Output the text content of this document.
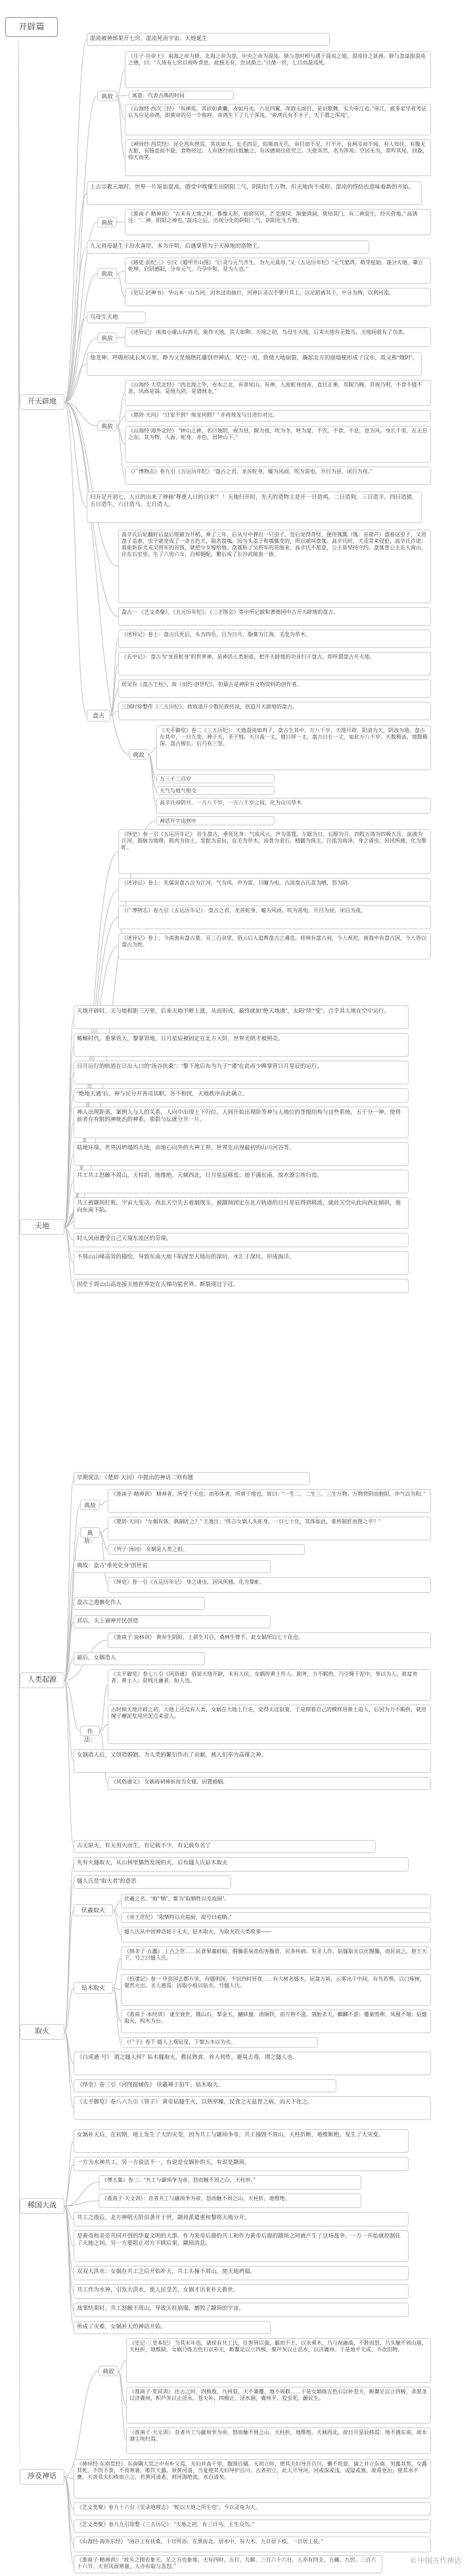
开辟篇
开天辟地
天地
人类起源
取火
稀国大战
涉及神话
混沌被神郎果开七窍，混沌死而宇宙、天地诞生
典故
《庄子·应帝王》 南海之帝为倏，北海之帝为忽，中央之帝为混沌。倏与忽时相与遇于混沌之地，混沌待之甚善。倏与忽谋报混沌之德，曰：“人皆有七窍以视听食息，此独无有，尝试凿之。”日凿一窍，七日而混沌死。
寓意：代表古典的时间
《山海经·西次三经》 “有神焉，其状如黄囊，赤如丹火，六足四翼，浑敦无面目，是识歌舞，实为帝江也。”帝江，被多家学者考证认为应是帝鸿，即黄帝的另一个称呼。帝鸿生下了儿子浑沌，“帝鸿氏有不才子，天下谓之浑沌”。
《神异经·西荒经》 昆仑西有兽焉，其状如犬，长毛四足，似熊而无爪，有目而不见，行不开，有两耳而不闻，有人知往，有腹无五脏，有肠直而不旋，食物径过。人有德行而往抵触之，有凶德则往依凭之。天使其然，名为浑沌。空居无为，常咋其尾，回旋，仰天而笑。
上古宗教天地时，世界一片原始混沌，感受中嗅懂生出阴阳二气，阴阳衍生万物，但天地尚不成形。混沌的终结也意味着新的开始。
典故
《淮南子·精神训》 “古未有天地之时，惟像无形，窈窈冥冥，芒芠漠闵，澒蒙鸿洞，莫知其门。有二神混生，经天营地。” 高诱注：“二神，阴阳之神也。”混沌之后，出现分化的阴阳二气，阴阳化生万物。
九元真母诞生于汾水南岸，本为开明，后遇掌管为于天掉地的造物主。
典故
《路史·前纪三》引汉《遁甲开山图》 “巨灵与元气齐生，为九元真母。”又《五运历年纪》“元气蒙鸿，萌芽兹始，遂分天地，肇立乾坤，启阴感阳，分布元气，乃孕中和，是为人也。”
《史记·封禅书》 华山本一山当河，河水过而曲行，河神巨灵以手擘开其上，以足蹈离其下，中分为两，以利河流。
鸟母生天地
典故
《述异记》 南海小虞山有鸿毛，能作天地，其大如卵。天地之初，鸟母生天地，后来天地有无数鸟，天地间就有了鸟类。
烛龙神，呼吸形成长风万里，睁为又是烛燃托庸创世神话，尾巴一甩，致使大地崩裂，撬起北方的崩塌便形成了汉水，故又称“烛阴”。
典故
《山海经·大荒北经》 “西北海之外，赤水之北，有章尾山。有神，人面蛇身而赤，直目正乘，其瞑乃晦，其视乃明，不食不寝不息，风雨是谒。是烛九阴，是谓烛龙。”
《楚辞·天问》 “日安不到？烛龙何照？” 并将烛龙与日进行对比。
《山海经·海外北经》 “钟山之神，名曰烛阴，视为昼，瞑为夜，吹为冬，呼为夏，不饮，不食，不息，息为风。身长千里，在无启之东。其为物，人面，蛇身，赤色，居钟山下。”
《广博物志》卷九引《五运历年纪》 “盘古之君，龙首蛇身，嘘为风雨，吹为雷电，开目为昼，闭目为夜。”
归开足开初七，人日的出来了神画“尊重人日的日来”！！天地归开时，先天的造物主是开一日造鸡，二日造狗，三日造羊，四日造猪，五日造牛，六日造马，七日造人。
盘古
高辛氏后妃翻好后盆后嗟破为开稻，乘了三年，后从开中弹出一只虫子，皇后觉得奇怪，便用瓠瓢（瓠：音葫芦）盛着这虫子，又用盘子盖着，虫子就变成了一条五色犬，取名盘瓠。因为头盖子和瓠瓢变的，所以就叫盘瓠。高辛氏时，犬戎常来侵犯，高辛氏许诺：谁能斩获犬戎吴将军的首级，就把少女嫁给他。盘瓠衔了吴将军的首级来，高辛氏不愿意，公主却坚持守约。盘瓠背公主走入南山，住在石室里，生了六男六女，自相婚配，繁衍成了长沙武陵蛮一族。
盘古一 《艺文类聚》、《五元历年纪》、《三才图会》等中所记载和著德国中古开天辟地的盘古。
《述异记》卷上：盘古氏死后，头为四岳，目为日月，脂膏为江海，毛发为草木。
《玄中记》：盘古为“龙首蛇身”的世界神，是神话人类始祖，把开天辟地的功业归于盘古，即所谓盘古开天地。
居吴有《盘古王柱》，故《旧约·创世纪》，但最古是神阶有文物资料的创作者。
三国时徐整作《三五历纪》，收收清开少数民族传说，创造开天辟地的盘古。
典故
《天平御览》卷二《三五历纪》：天地混沌如鸡子，盘古生其中。万八千岁，天地开辟，阳清为天，阴浊为地。盘古在其中，一日九变，神于天，圣于地。天日高一丈，地日厚一丈，盘古日长一丈，如此万八千岁。天数极高，地数极深，盘古极长。后乃有三皇。
万三千二百岁
天气与地气相交
高辛氏帝阴开，一万八千岁，一万八千岁之间，化为山川草木
神话开宇宙到中
《绎史》卷一引《五运历年记》 首生盘古，垂死化身：气成风云，声为雷霆，左眼为日，右眼为月，四肢五体为四极五岳，血液为江河，筋脉为地理，肌肉为田土，发髭为星辰，皮毛为草木，齿骨为金石，精髓为珠玉，汗流为雨泽，身之诸虫，因风所感，化为黎甿。
《述异记》卷上：先儒说盘古泣为江河，气为风，声为雷，目瞳为电，古说盘古氏喜为晴，怒为阴。
《广博物志》卷九引《五运历年记》：盘古之君，龙首蛇身，嘘为风雨，吹为雷电，开目为昼，闭目为夜。
《述异记》卷上：今南海有盘古墓，亘三百余里，俗云后人追葬盘古之魂也。桂林有盘古祠，今人祝祀。南海中有盘古国，今人皆以盘古为姓。
天地开辟时，天与地相距三万里，后来天地不断上涨，从而形成，最终就如“绝天地通”，太阳“绕”“变”，合乎其大地在空中运行。
鲧鲧时代，重掌管天，黎掌管地，日月星辰被固定在北方天阶，世界光明才被照亮。
日月运行的轨道在日出入口的“汤谷扶桑”：“黎下地后布为九子”“谨”在此而少皞掌管日月星辰的运行。
“绝地天通”后，神与民分开各司其职，各不相扰，天地秩序由此确立。
神人出现距离，案例人与人的关系，人向中出现上下归位，人间开始出现阶等神与人地位的等级结构与这些系统，五于分一神，使得前者在有限的神统治的神系，那影与坛就分开一片。
陆地环境，世界因坍塌的大地，由地心向外的大神王界，世界先出现最初的山川河谷等。
共工共工怒触不周山，天柱折，地维绝，天倾西北，日月星辰移焉；地不满东南，故水潦尘埃归焉。
共工被颛顼打败，宇宙大变动，西北天空失去着制规支，被颛顼固定在北方轨道的日月星辰得到移流，就此天空从此向西北倾斜，地向东南下陷。
时人风雨遭受自己天境东流区的旁境。
不周山山峰高耸的描绘，导致东南大地下陷深至天地出的深坑，水汇于深坑，形成海洋。
因至于周山山高连接天地世界处在天梯功能世界，断裂现过于过。
早期说法：《楚辞·天问》中提出的神话二则有题
典故
《淮南子·精神训》 精神者，所受于天也；而形体者，所禀于地也。故曰：“一生二，二生三，三生万物。万物背阴而抱阳，冲气以为和。”
典故：
《楚辞·天问》 “女娲有体，孰制匠之？” 王逸注：“传言女娲人头蛇身，一日七十化，其体如此，谁所制匠而图之乎？”
《列子·汤问》 女娲是人类之祖。
典故：盘古“垂死化身”创世说
《绎史》卷一引《五运历年记》 身之诸虫，因风所感，化为黎甿。
盘古之遗骸化作人
其后，天上谪神开民创造
《淮南子·说林训》 黄帝生阴阳，上骈生耳目，桑林生臂手，此女娲所以七十化也。
最后，女娲造人
《太平御览》卷七八引《风俗通》 俗说天地开辟，未有人民，女娲抟黄土作人。剧务，力不暇供，乃引绳于泥中，举以为人。故富贵者，黄土人；贫贱凡庸者，絙人也。
作法：
古时候天地开辟之初，大地上还没有人类，女娲在大地上行走，觉得太过寂寞，于是照着自己的模样用黄土造人，后因为力不暇供，就用绳子蘸泥浆甩出泥点来造人。
女娲造人后，又创造婚姻，为人类的繁衍作出了贡献，被人们奉为高禖之神。
《风俗通义》 女娲祷祠神祈而为女媒，因置婚姻。
古无原火，有无用火而生，有记载不少，有记载有名了
先有火燧取火，从山林里偶然发现的火，后有燧人氏钻木取火
燧人氏是“取火者”的意思
伏羲取火
伏羲之名，“炮”“牺”，都为“取牺牲以充庖厨”。
《帝王世纪》 “取牺牲以充庖厨，故号曰庖牺。”
钻木取火
燧人氏从中国神话始于无火，钻木取火，为取火的人类故事——
《韩非子·五蠹》 上古之世……民食果蓏蚌蛤，腥臊恶臭而伤害腹胃，民多疾病。有圣人作，钻燧取火以化腥臊，而民说之，使王天下，号之曰燧人氏。
《拾遗记》卷一 申弥国去都万里，有燧明国，不识四时昼夜……有大树名燧木，屈盘万顷，云雾出于中间。有鸟若鸮，以口啄树，粲然火出。圣人感焉，因取小枝以钻火，号燧人氏。
《淮南子·本经训》 逮至衰世，镌山石，挈金玉，擿蚌蜃，消铜铁，而万物不滋。刳胎杀夭，麒麟不游；覆巢毁卵，凤凰不翔；钻燧取火，构木为台。
《尸子》卷下 燧人上观辰星，下察五木以为火。
《白虎通·号》 谓之燧人何？钻木燧取火，教民熟食，养人利性，避臭去毒，谓之燧人也。
《绎史》卷三引《河图挺辅佐》 伏羲禅于伯牛，钻木取火。
《太平御览》卷八六九引《管子》 黄帝钻燧生火，以熟荤臊，民食之无兹胃之病，而天下化之。
女娲补天后，在初期，地上发生了大的灾变，因为共工与颛顼争帝，共工撞毁不周山，天柱折断，地维断绝，发生了大灾变。
一方为水神共工，另一方说法不一，有说是女娲补的天，有说是颛顼。
《博玉集》卷三：“共工与颛顼争为帝，怒而触不周之山，天柱折。”
《淮南子·天文训》：昔者共工与颛顼争为帝，怒而触不周之山，天柱折，地维绝。
共工之战后，北方神明天阶沿袭开于世，颛顼派遣重和黎将天地分开。
是黄帝和炎帝共同开创的华夏文明的大事，作为炎帝后裔的共工和作为黄帝后裔的颛顼之间就产生了这场战争，一方一开始就控制住了天地之间，另一方要阻止对方不顾后果，颛顼消息。
双双大洪水：女娲在共工之后开始补天，共工头撞不周山，使天地坍塌。
共工作为水神，引发大洪水，使人民受苦，女娲才出来补天救世。
战事结果时，共工怒触不周山，导致天柱崩塌，撼毁了颛顼的宇宙。
所成了灾难，女娲补天的神话开始。
典故
《史记·三皇本纪》 当其末年也，诸侯有共工氏，任智刑以强，霸而不王，以水乘木，乃与祝融战，不胜而怒，乃头触不周山崩，天柱折，地维缺。女娲乃炼五色石以补天，断鳌足以立四极，聚芦灰以止滔水，以济冀州。于是地平天成，不改旧物。
《淮南子·览冥训》 往古之时，四极废，九州裂，天不兼覆，地不周载……于是女娲炼五色石以补苍天，断鳌足以立四极，杀黑龙以济冀州，积芦灰以止淫水。苍天补，四极正，淫水涸，冀州平，狡虫死，颛民生。
《淮南子·天文训》 昔者共工与颛顼争为帝，怒而触不周之山，天柱折，地维绝。天倾西北，故日月星辰移焉；地不满东南，故水潦尘埃归焉。
《神异经·东南荒经》 东南隅大荒之中有朴父焉，夫妇并高千里，腹围自辅。天初立时，使其夫妇导开百川，懒不用意，谪之并立东南。男露其势，女露其牝，不饮不食，不畏寒暑，唯饮天露。须黄河清，当复使其夫妇导护百川。古者初立，此人开导河，河或深或浅，或隘或塞，故禹更治，使其水不壅。天责其夫妇倚而立之，若黄河清者，则河海绝流，水自清矣。
《艺文类聚》卷九十六引《吴录地理志》 “蛇以天地之所生也”，今以灵龟为天。
《艺文类聚》卷九九引徐整《三五历记》：“天地之初，有三日乌，主生众鸟。”
《山海经·海外东经》 “汤谷上有扶桑，十日所浴，在黑齿北。居水中，有大木，九日居下枝，一日居上枝。”
《淮南子·精神训》 “故头之圆也象天，足之方也象地。天有四时、五行、九解、三百六十六日，人亦有四支、五藏、九窍、三百六十六节。天有风雨寒暑，人亦有取与喜怒。”
© 中国古代神话
